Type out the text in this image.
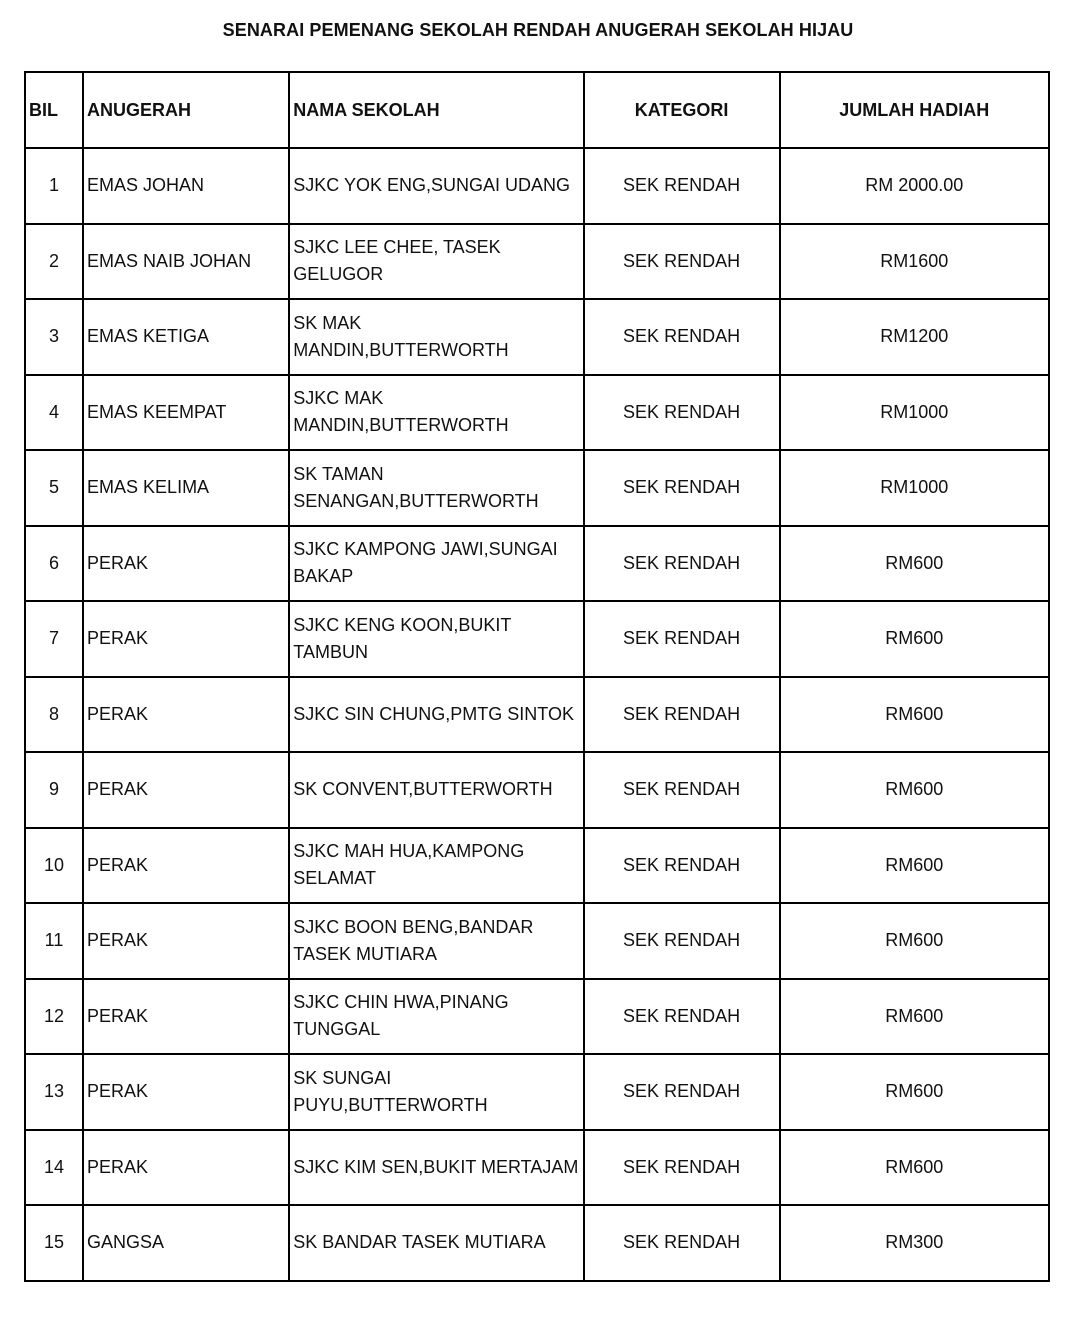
SENARAI PEMENANG SEKOLAH RENDAH ANUGERAH SEKOLAH HIJAU
BIL	ANUGERAH	NAMA SEKOLAH	KATEGORI	JUMLAH HADIAH
1	EMAS JOHAN	SJKC YOK ENG,SUNGAI UDANG	SEK RENDAH	RM 2000.00
2	EMAS NAIB JOHAN	SJKC LEE CHEE, TASEK GELUGOR	SEK RENDAH	RM1600
3	EMAS KETIGA	SK MAK MANDIN,BUTTERWORTH	SEK RENDAH	RM1200
4	EMAS KEEMPAT	SJKC MAK MANDIN,BUTTERWORTH	SEK RENDAH	RM1000
5	EMAS KELIMA	SK TAMAN SENANGAN,BUTTERWORTH	SEK RENDAH	RM1000
6	PERAK	SJKC KAMPONG JAWI,SUNGAI BAKAP	SEK RENDAH	RM600
7	PERAK	SJKC KENG KOON,BUKIT TAMBUN	SEK RENDAH	RM600
8	PERAK	SJKC SIN CHUNG,PMTG SINTOK	SEK RENDAH	RM600
9	PERAK	SK CONVENT,BUTTERWORTH	SEK RENDAH	RM600
10	PERAK	SJKC MAH HUA,KAMPONG SELAMAT	SEK RENDAH	RM600
11	PERAK	SJKC BOON BENG,BANDAR TASEK MUTIARA	SEK RENDAH	RM600
12	PERAK	SJKC CHIN HWA,PINANG TUNGGAL	SEK RENDAH	RM600
13	PERAK	SK SUNGAI PUYU,BUTTERWORTH	SEK RENDAH	RM600
14	PERAK	SJKC KIM SEN,BUKIT MERTAJAM	SEK RENDAH	RM600
15	GANGSA	SK BANDAR TASEK MUTIARA	SEK RENDAH	RM300
